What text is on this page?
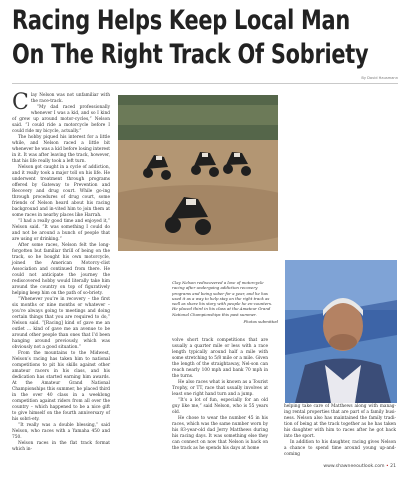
Racing Helps Keep Local Man
On The Right Track Of Sobriety
By David Hausmann
C lay Nelson was not unfamiliar with the race-track.

“My dad raced professionally whenever I was a kid, and so I kind of grew up around motor-cycles,” Nelson said. “I could ride a motorcycle before I could ride my bicycle, actually.”

The hobby piqued his interest for a little while, and Nelson raced a little bit whenever he was a kid before losing interest in it. It was after leaving the track, however, that his life really took a left turn.

Nelson got caught in a cycle of addiction, and it really took a major toll on his life. He underwent treatment through programs offered by Gateway to Prevention and Recovery and drug court. While go-ing through procedures of drug court, some friends of Nelson heard about his racing background and in-vited him to join them at some races in nearby places like Harrah.

“I had a really good time and enjoyed it,” Nelson said. “It was something I could do and not be around a bunch of people that are using or drinking.”

After some races, Nelson felt the long-forgotten but familiar thrill of being on the track, so he bought his own motorcycle, joined the American Motorcy-clist Association and continued from there. He could not anticipate the journey the rediscovered hobby would literally take him around the country on top of figuratively helping keep him on the path of so-briety.

“Whenever you’re in recovery – the first six months or nine months or whatever – you’re always going to meetings and doing certain things that you are required to do,” Nelson said. “[Racing] kind of gave me an outlet … kind of gave me an avenue to be around other people than ones that I’d been hanging around previously, which was obviously not a good situation.”

From the mountains to the Midwest, Nelson’s racing has taken him to national competitions to pit his skills against other amateur racers in his class, and his dedication has started earning him awards. At the Amateur Grand National Championships this summer, he placed third in the over 40 class in a weeklong competition against riders from all over the country – which happened to be a nice gift to give himself on the fourth anniversary of his sobri-ety.

“It really was a double blessing,” said Nelson, who races with a Yamaha 450 and 750.

Nelson races in the flat track format which in-

Clay Nelson rediscovered a love of motorcycle racing after undergoing addiction recovery programs and being sober for a year, and he has used it as a way to help stay on the right track as well as share his story with people he en-counters. He placed third in his class at the Amateur Grand National Championships this past summer.
Photos submitted

volve short track competitions that are usually a quarter mile or less with a race length typically around half a mile with some stretching to 5/8 mile or a mile. Given the length of the straightaway, Nel-son can reach nearly 100 mph and bank 70 mph in the turns.

He also races what is known as a Tourist Trophy, or TT, race that usually involves at least one right hand turn and a jump.

“It’s a lot of fun, especially for an old guy like me,” said Nelson, who is 55 years old.

He chose to wear the number 45 in his races, which was the same number worn by his 83-year-old dad Jerry Matthews during his racing days. It was something else they can connect on now that Nelson is back on the track as he spends his days at home

helping take care of Matthews along with manag-ing rental properties that are part of a family busi-ness. Nelson also has maintained the family tradi-tion of being at the track together as he has taken his daughter with him to races after he got back into the sport.

In addition to his daughter, racing gives Nelson a chance to spend time around young up-and-coming

www.shawneeoutlook.com • 21
